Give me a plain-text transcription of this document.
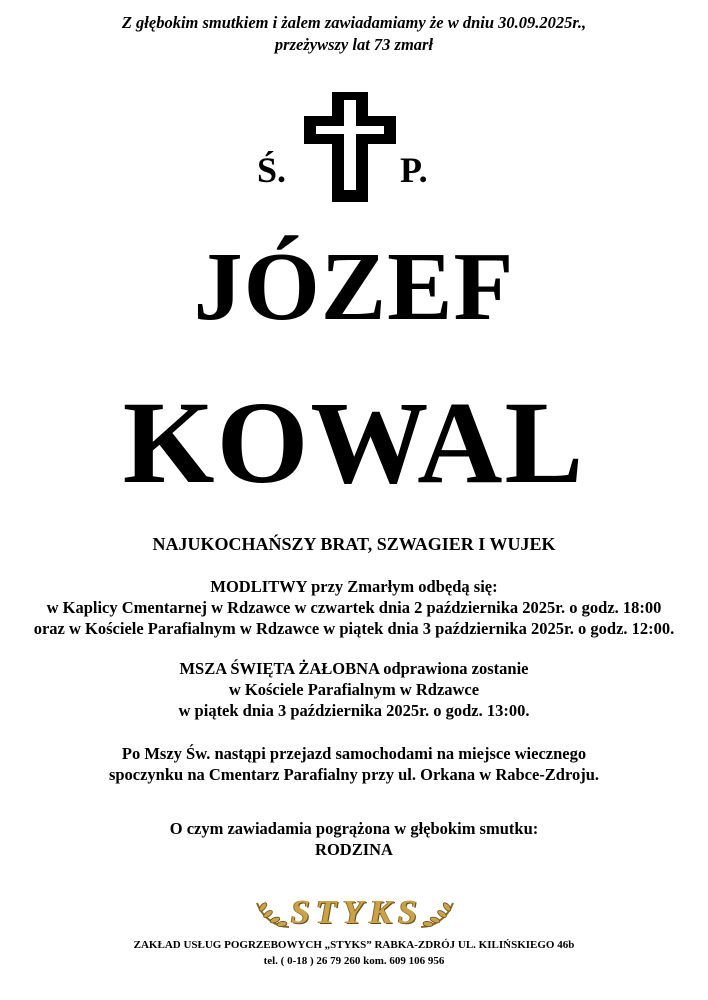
Z głębokim smutkiem i żalem zawiadamiamy że w dniu 30.09.2025r.,
przeżywszy lat 73 zmarł
Ś.	P.
JÓZEF
KOWAL
NAJUKOCHAŃSZY BRAT, SZWAGIER I WUJEK
MODLITWY przy Zmarłym odbędą się:
w Kaplicy Cmentarnej w Rdzawce w czwartek dnia 2 października 2025r. o godz. 18:00
oraz w Kościele Parafialnym w Rdzawce w piątek dnia 3 października 2025r. o godz. 12:00.
MSZA ŚWIĘTA ŻAŁOBNA odprawiona zostanie
w Kościele Parafialnym w Rdzawce
w piątek dnia 3 października 2025r. o godz. 13:00.
Po Mszy Św. nastąpi przejazd samochodami na miejsce wiecznego
spoczynku na Cmentarz Parafialny przy ul. Orkana w Rabce-Zdroju.
O czym zawiadamia pogrążona w głębokim smutku:
RODZINA
STYKS
ZAKŁAD USŁUG POGRZEBOWYCH „STYKS” RABKA-ZDRÓJ UL. KILIŃSKIEGO 46b
tel. ( 0-18 ) 26 79 260 kom. 609 106 956
